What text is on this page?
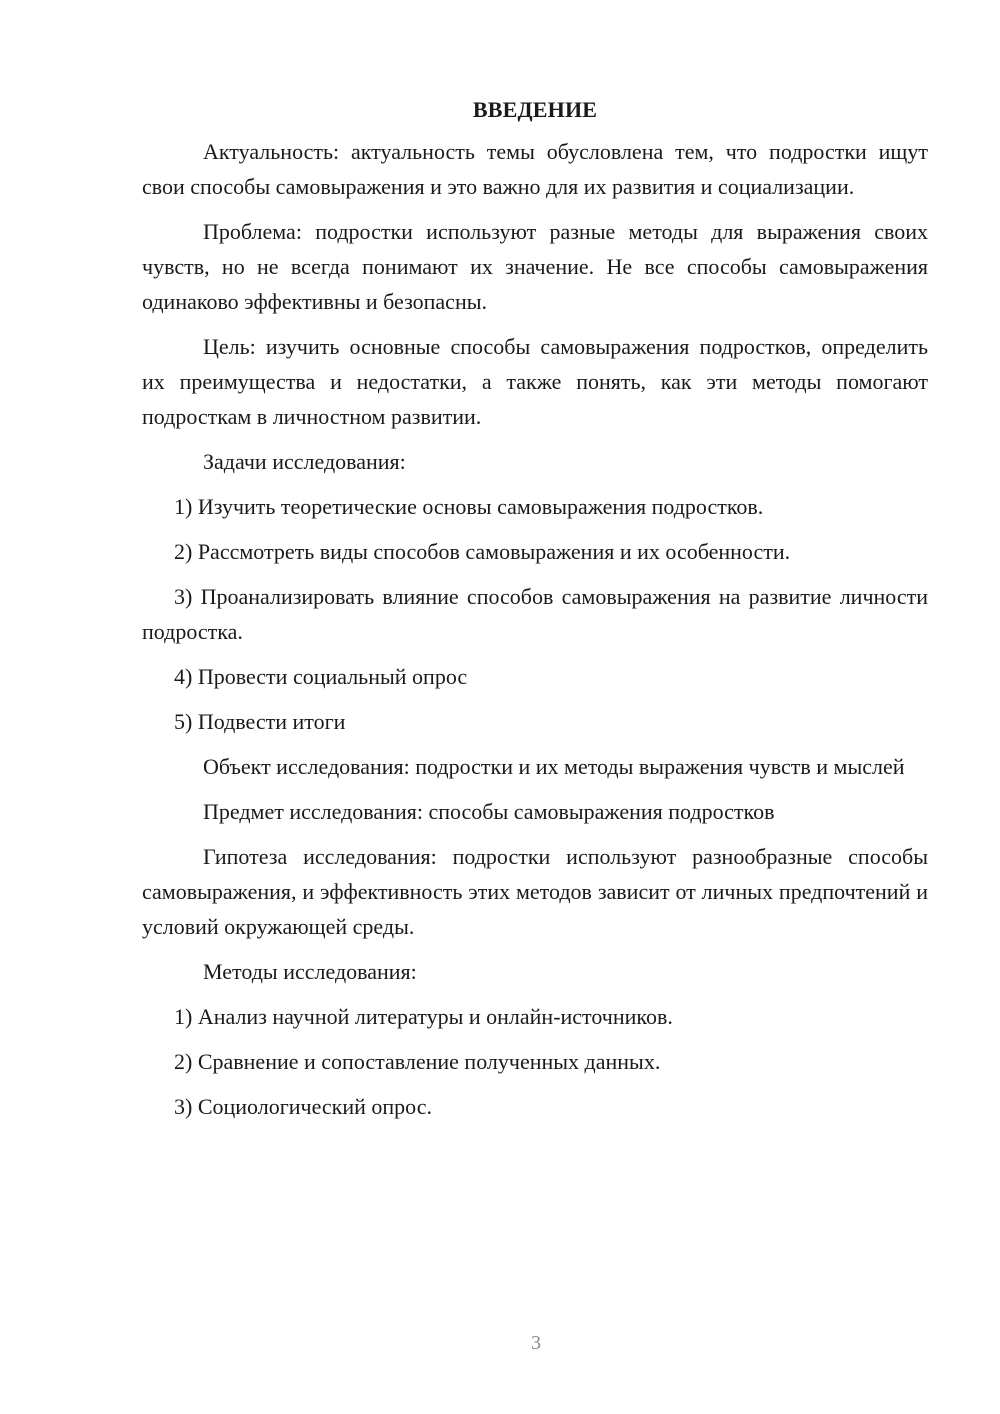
ВВЕДЕНИЕ

Актуальность: актуальность темы обусловлена тем, что подростки ищут свои способы самовыражения и это важно для их развития и социализации.

Проблема: подростки используют разные методы для выражения своих чувств, но не всегда понимают их значение. Не все способы самовыражения одинаково эффективны и безопасны.

Цель: изучить основные способы самовыражения подростков, определить их преимущества и недостатки, а также понять, как эти методы помогают подросткам в личностном развитии.

Задачи исследования:

1) Изучить теоретические основы самовыражения подростков.

2) Рассмотреть виды способов самовыражения и их особенности.

3) Проанализировать влияние способов самовыражения на развитие личности подростка.

4) Провести социальный опрос

5) Подвести итоги

Объект исследования: подростки и их методы выражения чувств и мыслей

Предмет исследования: способы самовыражения подростков

Гипотеза исследования: подростки используют разнообразные способы самовыражения, и эффективность этих методов зависит от личных предпочтений и условий окружающей среды.

Методы исследования:

1) Анализ научной литературы и онлайн-источников.

2) Сравнение и сопоставление полученных данных.

3) Социологический опрос.

3
